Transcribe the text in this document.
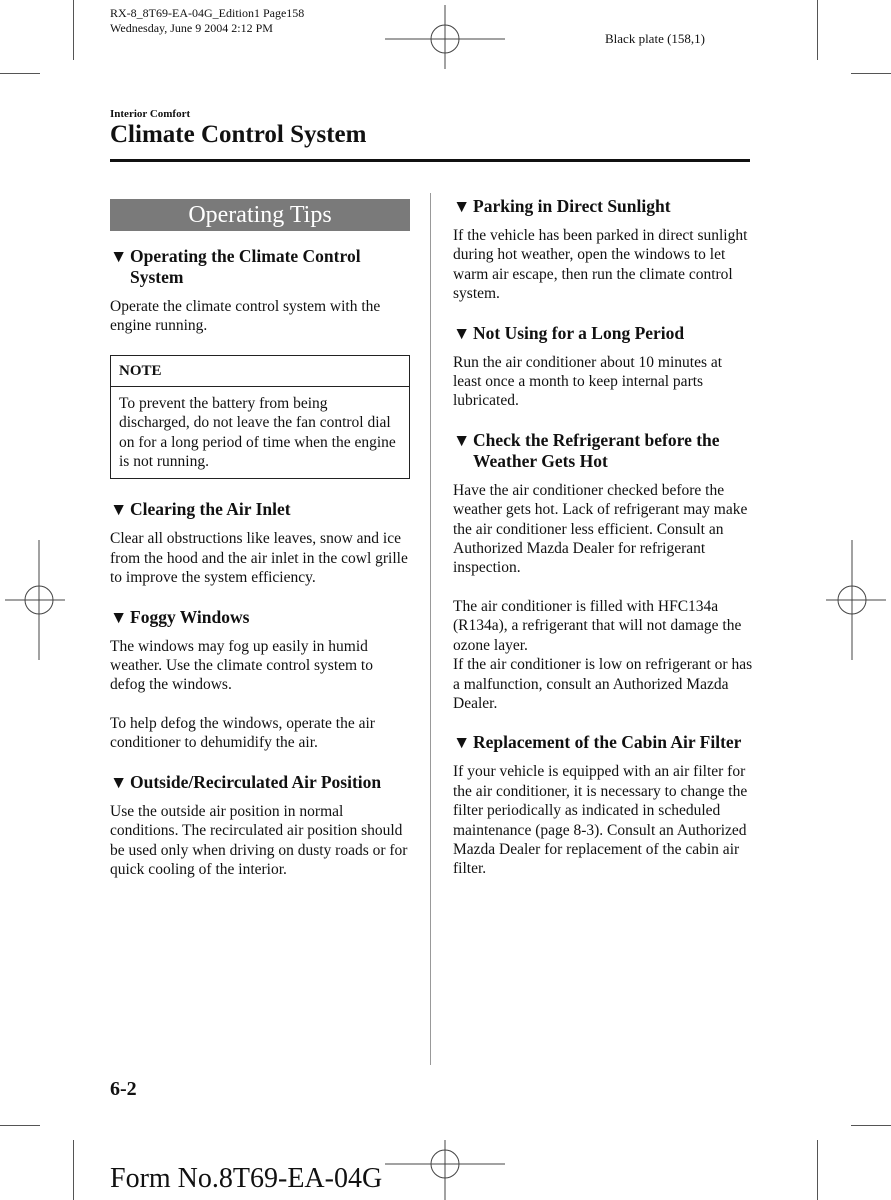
RX-8_8T69-EA-04G_Edition1 Page158
Wednesday, June 9 2004 2:12 PM
Black plate (158,1)
Interior Comfort
Climate Control System
Operating Tips
▼ Operating the Climate Control System

Operate the climate control system with the engine running.

NOTE
To prevent the battery from being discharged, do not leave the fan control dial on for a long period of time when the engine is not running.
▼ Clearing the Air Inlet

Clear all obstructions like leaves, snow and ice from the hood and the air inlet in the cowl grille to improve the system efficiency.

▼ Foggy Windows

The windows may fog up easily in humid weather. Use the climate control system to defog the windows.

To help defog the windows, operate the air conditioner to dehumidify the air.

▼ Outside/Recirculated Air Position

Use the outside air position in normal conditions. The recirculated air position should be used only when driving on dusty roads or for quick cooling of the interior.

▼ Parking in Direct Sunlight

If the vehicle has been parked in direct sunlight during hot weather, open the windows to let warm air escape, then run the climate control system.

▼ Not Using for a Long Period

Run the air conditioner about 10 minutes at least once a month to keep internal parts lubricated.

▼ Check the Refrigerant before the Weather Gets Hot

Have the air conditioner checked before the weather gets hot. Lack of refrigerant may make the air conditioner less efficient. Consult an Authorized Mazda Dealer for refrigerant inspection.

The air conditioner is filled with HFC134a (R134a), a refrigerant that will not damage the ozone layer.

If the air conditioner is low on refrigerant or has a malfunction, consult an Authorized Mazda Dealer.

▼ Replacement of the Cabin Air Filter

If your vehicle is equipped with an air filter for the air conditioner, it is necessary to change the filter periodically as indicated in scheduled maintenance (page 8-3). Consult an Authorized Mazda Dealer for replacement of the cabin air filter.

6-2
Form No.8T69-EA-04G
